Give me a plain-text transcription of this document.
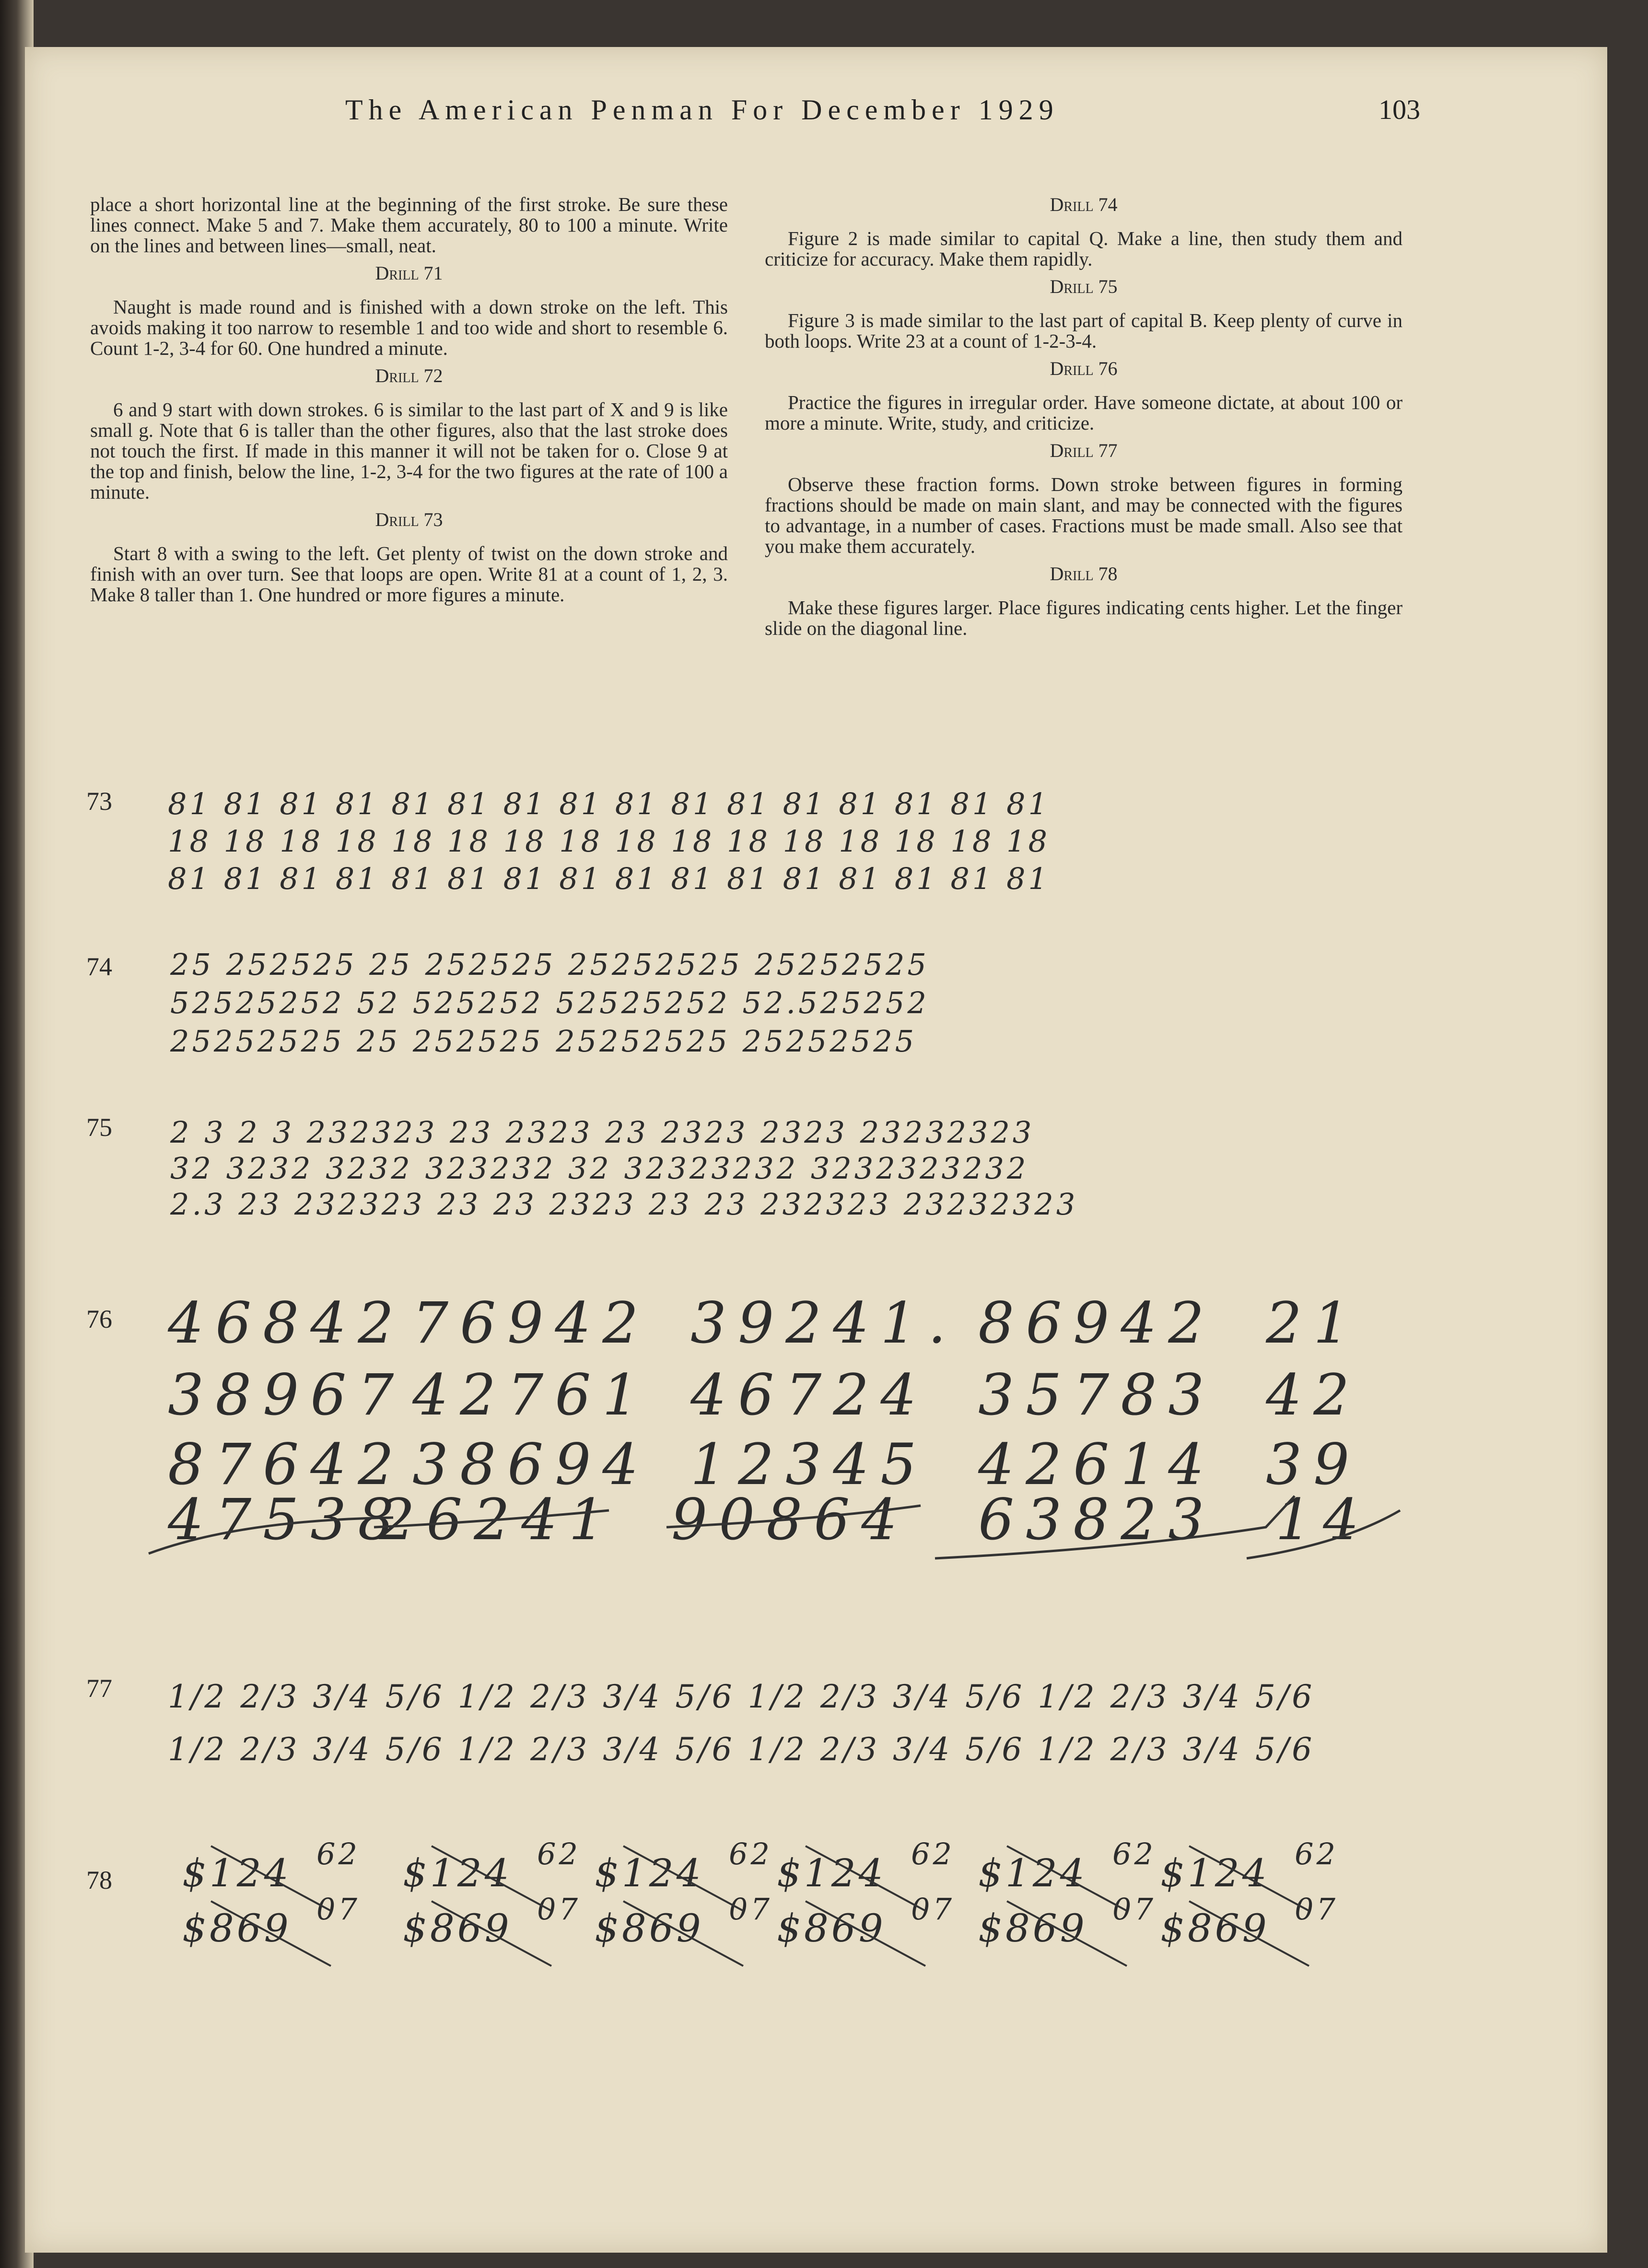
The American Penman For December 1929	103

place a short horizontal line at the beginning of the first stroke. Be sure these lines connect. Make 5 and 7. Make them accurately, 80 to 100 a minute. Write on the lines and between lines—small, neat.

Drill 71

Naught is made round and is finished with a down stroke on the left. This avoids making it too narrow to resemble 1 and too wide and short to resemble 6. Count 1-2, 3-4 for 60. One hundred a minute.

Drill 72

6 and 9 start with down strokes. 6 is similar to the last part of X and 9 is like small g. Note that 6 is taller than the other figures, also that the last stroke does not touch the first. If made in this manner it will not be taken for o. Close 9 at the top and finish, below the line, 1-2, 3-4 for the two figures at the rate of 100 a minute.

Drill 73

Start 8 with a swing to the left. Get plenty of twist on the down stroke and finish with an over turn. See that loops are open. Write 81 at a count of 1, 2, 3. Make 8 taller than 1. One hundred or more figures a minute.

Drill 74

Figure 2 is made similar to capital Q. Make a line, then study them and criticize for accuracy. Make them rapidly.

Drill 75

Figure 3 is made similar to the last part of capital B. Keep plenty of curve in both loops. Write 23 at a count of 1-2-3-4.

Drill 76

Practice the figures in irregular order. Have someone dictate, at about 100 or more a minute. Write, study, and criticize.

Drill 77

Observe these fraction forms. Down stroke between figures in forming fractions should be made on main slant, and may be connected with the figures to advantage, in a number of cases. Fractions must be made small. Also see that you make them accurately.

Drill 78

Make these figures larger. Place figures indicating cents higher. Let the finger slide on the diagonal line.

73 81 81 81 81 81 81 81 81 81 81 81 81 81 81 81 81
18 18 18 18 18 18 18 18 18 18 18 18 18 18 18 18
81 81 81 81 81 81 81 81 81 81 81 81 81 81 81 81
74 25 252525 25 252525 25252525 25252525
52525252 52 525252 52525252 52.525252
25252525 25 252525 25252525 25252525
75 2 3 2 3 232323 23 2323 23 2323 2323 23232323
32 3232 3232 323232 32 32323232 3232323232
2.3 23 232323 23 23 2323 23 23 232323 23232323
76 46842 76942 39241. 86942 21
38967 42761 46724 35783 42
87642 38694 12345 42614 39
47538
26241 90864 63823 14
77 1/2 2/3 3/4 5/6 1/2 2/3 3/4 5/6 1/2 2/3 3/4 5/6 1/2 2/3 3/4 5/6
1/2 2/3 3/4 5/6 1/2 2/3 3/4 5/6 1/2 2/3 3/4 5/6 1/2 2/3 3/4 5/6
78 $124 62 $124 62 $124 62 $124 62 $124 62 $124 62
$869 07 $869 07 $869 07 $869 07 $869 07 $869 07
